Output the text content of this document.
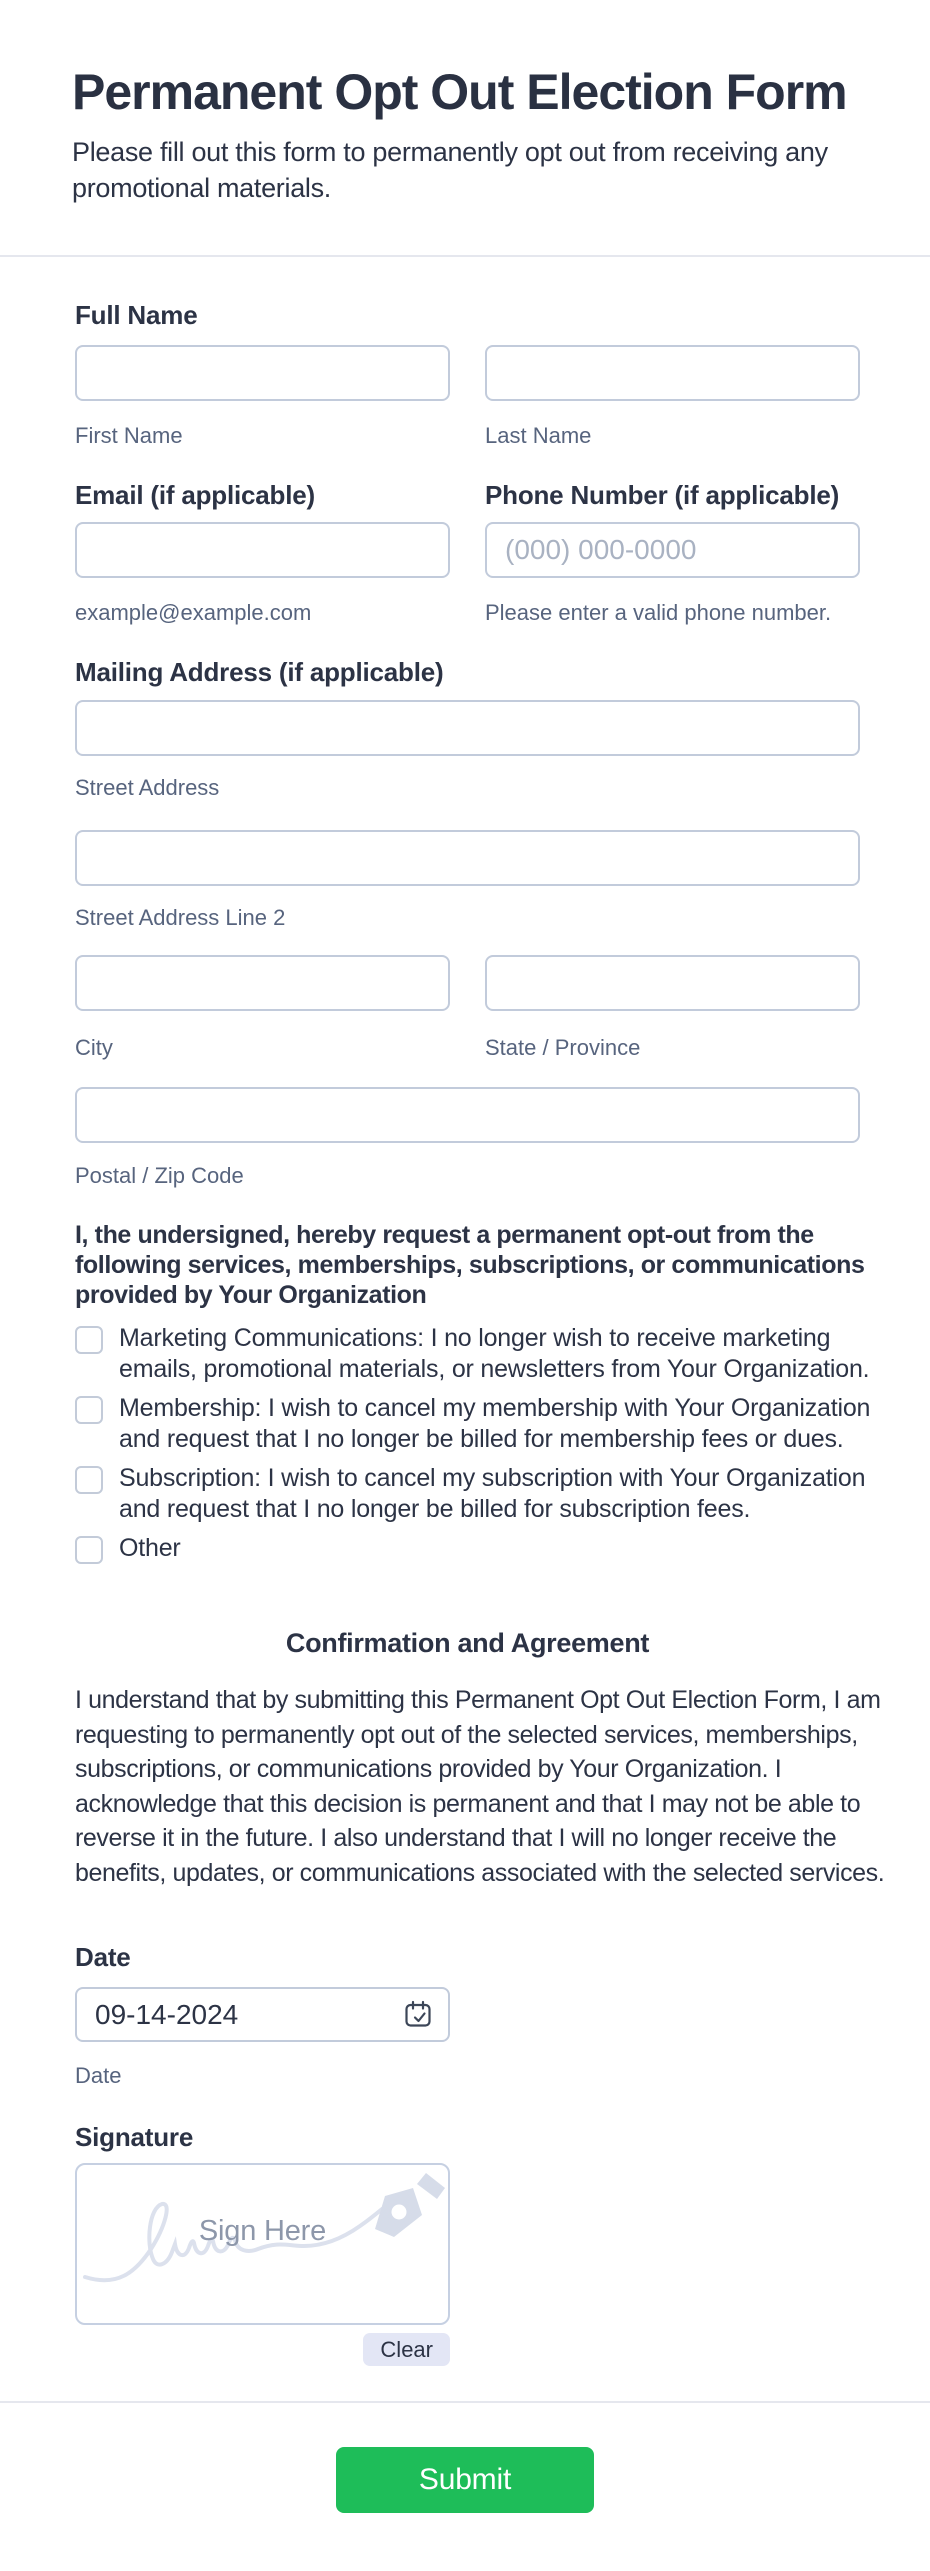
Permanent Opt Out Election Form
Please fill out this form to permanently opt out from receiving any
promotional materials.
Full Name
First Name	Last Name
Email (if applicable)	Phone Number (if applicable)
(000) 000-0000
example@example.com	Please enter a valid phone number.
Mailing Address (if applicable)
Street Address
Street Address Line 2
City	State / Province
Postal / Zip Code
I, the undersigned, hereby request a permanent opt-out from the
following services, memberships, subscriptions, or communications
provided by Your Organization
Marketing Communications: I no longer wish to receive marketing
emails, promotional materials, or newsletters from Your Organization.
Membership: I wish to cancel my membership with Your Organization
and request that I no longer be billed for membership fees or dues.
Subscription: I wish to cancel my subscription with Your Organization
and request that I no longer be billed for subscription fees.
Other
Confirmation and Agreement
I understand that by submitting this Permanent Opt Out Election Form, I am
requesting to permanently opt out of the selected services, memberships,
subscriptions, or communications provided by Your Organization. I
acknowledge that this decision is permanent and that I may not be able to
reverse it in the future. I also understand that I will no longer receive the
benefits, updates, or communications associated with the selected services.
Date
09-14-2024
Date
Signature
Sign Here
Clear
Submit
